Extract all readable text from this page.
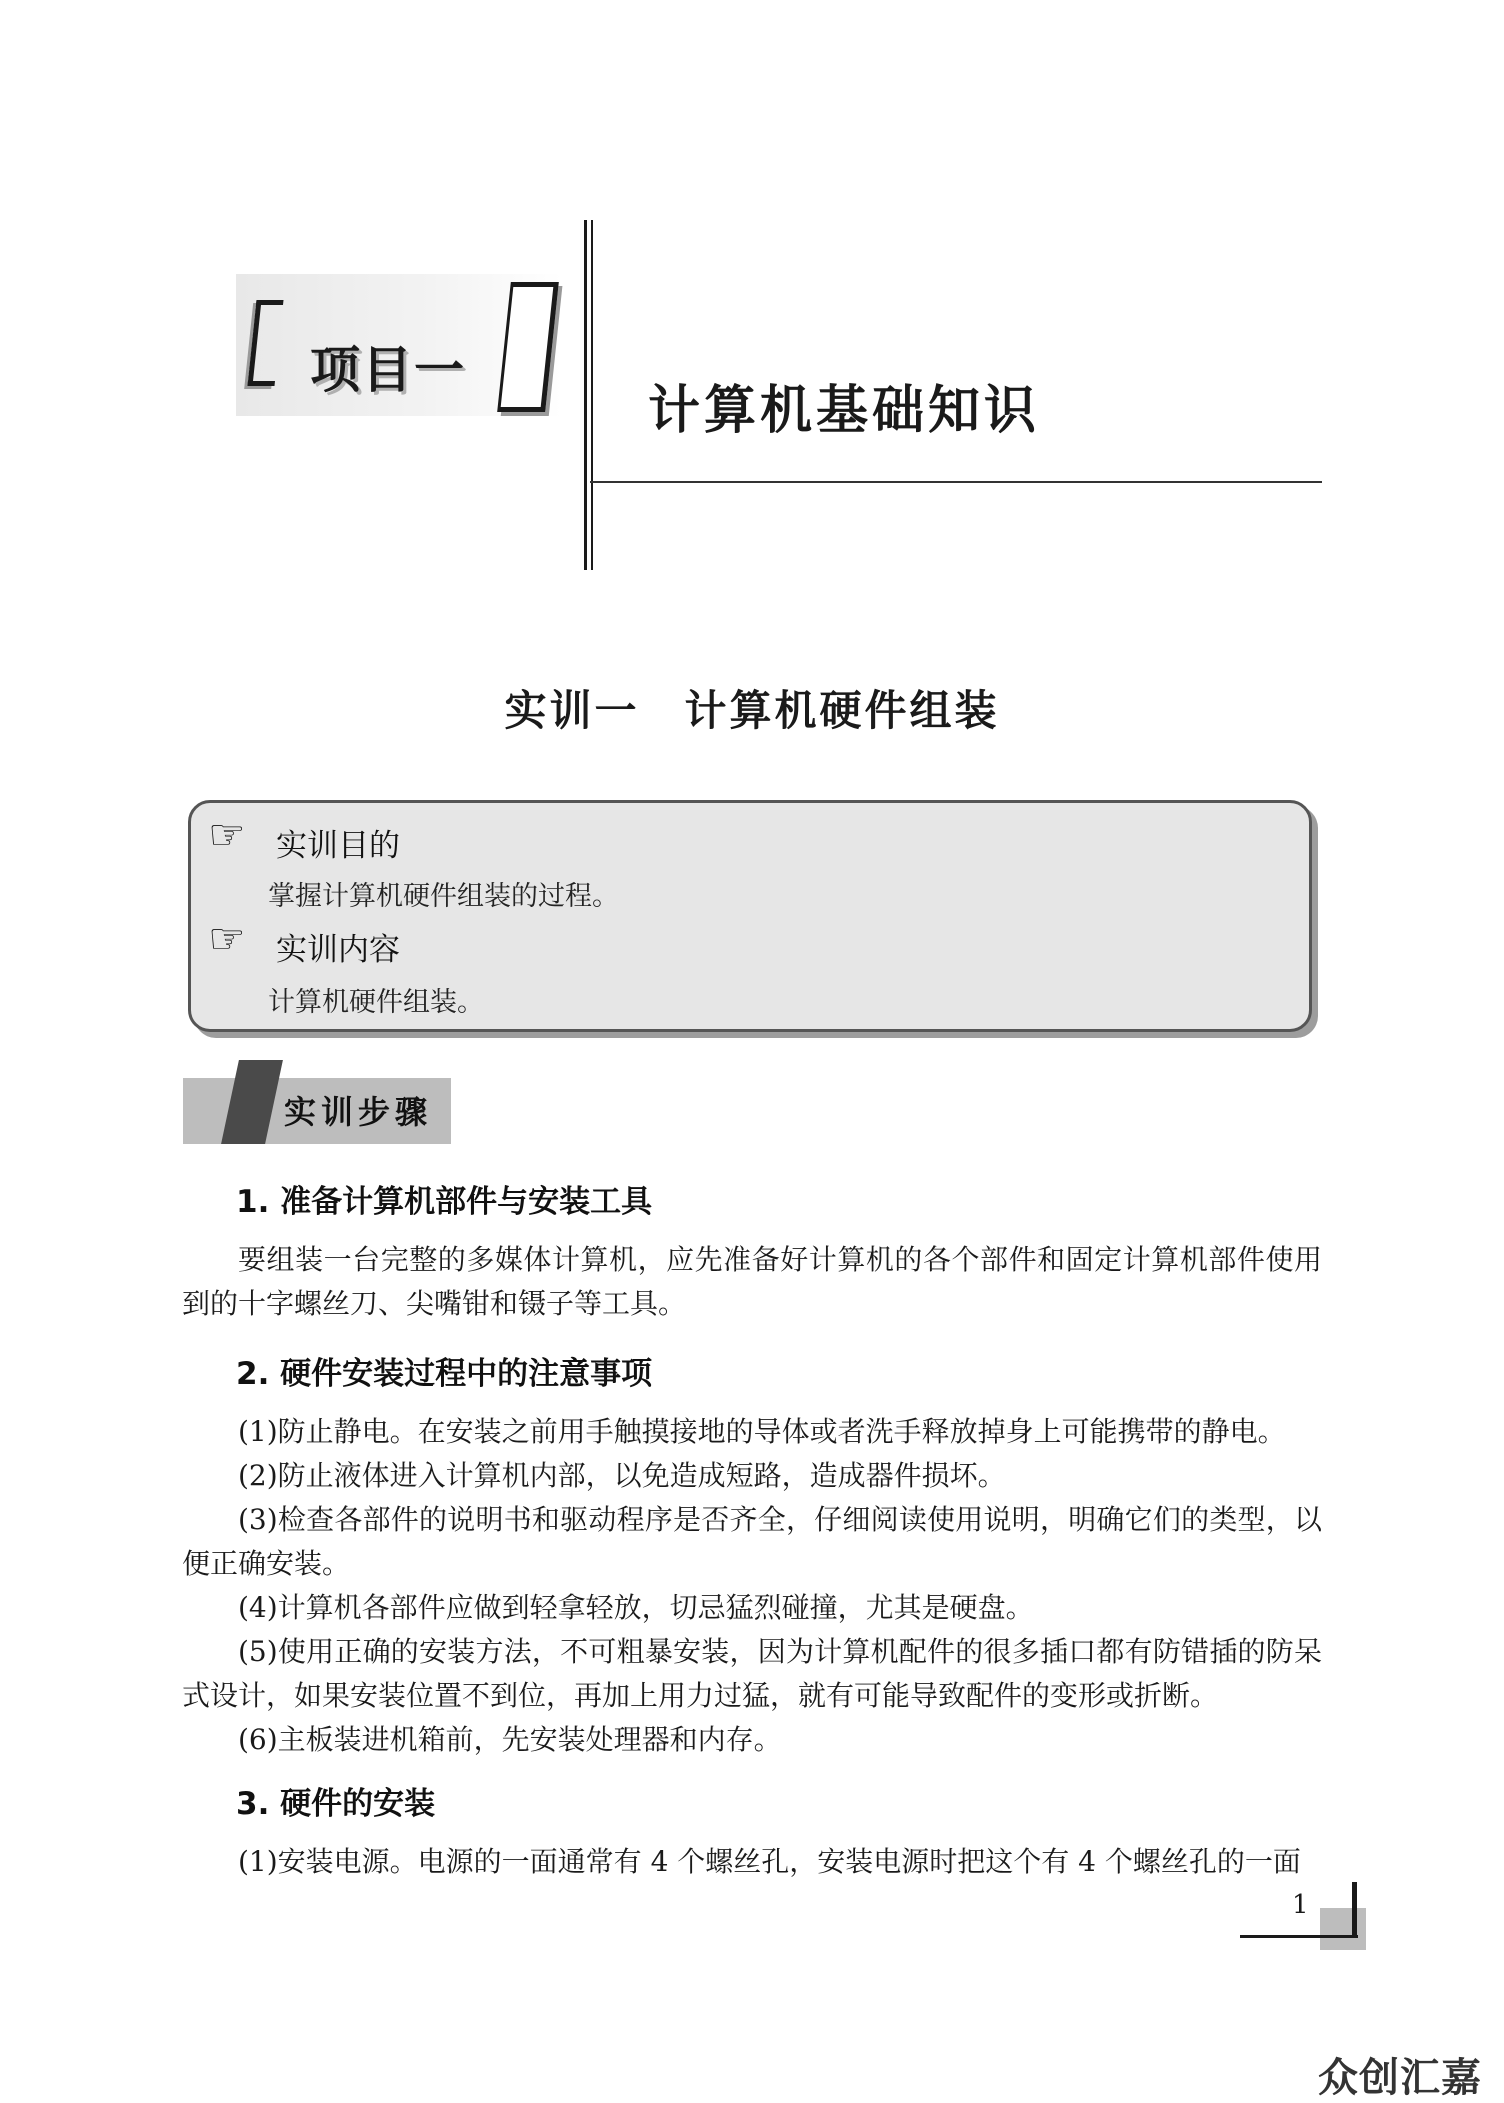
项目一
计算机基础知识
实训一　计算机硬件组装
☞ 实训目的
掌握计算机硬件组装的过程。
☞ 实训内容
计算机硬件组装。
实训步骤
1. 准备计算机部件与安装工具
要组装一台完整的多媒体计算机，应先准备好计算机的各个部件和固定计算机部件使用到的十字螺丝刀、尖嘴钳和镊子等工具。
2. 硬件安装过程中的注意事项
(1)防止静电。在安装之前用手触摸接地的导体或者洗手释放掉身上可能携带的静电。
(2)防止液体进入计算机内部，以免造成短路，造成器件损坏。
(3)检查各部件的说明书和驱动程序是否齐全，仔细阅读使用说明，明确它们的类型，以便正确安装。
(4)计算机各部件应做到轻拿轻放，切忌猛烈碰撞，尤其是硬盘。
(5)使用正确的安装方法，不可粗暴安装，因为计算机配件的很多插口都有防错插的防呆式设计，如果安装位置不到位，再加上用力过猛，就有可能导致配件的变形或折断。
(6)主板装进机箱前，先安装处理器和内存。
3. 硬件的安装
(1)安装电源。电源的一面通常有 4 个螺丝孔，安装电源时把这个有 4 个螺丝孔的一面
1
众创汇嘉
